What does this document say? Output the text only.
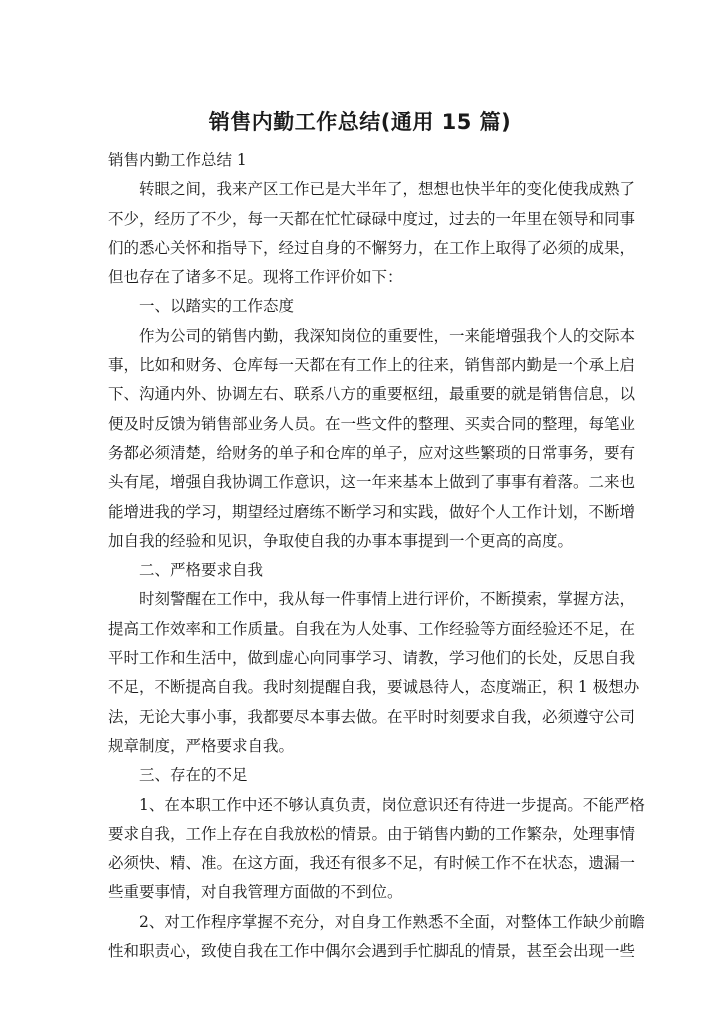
销售内勤工作总结(通用 15 篇)
销售内勤工作总结 1
转眼之间，我来产区工作已是大半年了，想想也快半年的变化使我成熟了
不少，经历了不少，每一天都在忙忙碌碌中度过，过去的一年里在领导和同事
们的悉心关怀和指导下，经过自身的不懈努力，在工作上取得了必须的成果，
但也存在了诸多不足。现将工作评价如下：
一、以踏实的工作态度
作为公司的销售内勤，我深知岗位的重要性，一来能增强我个人的交际本
事，比如和财务、仓库每一天都在有工作上的往来，销售部内勤是一个承上启
下、沟通内外、协调左右、联系八方的重要枢纽，最重要的就是销售信息，以
便及时反馈为销售部业务人员。在一些文件的整理、买卖合同的整理，每笔业
务都必须清楚，给财务的单子和仓库的单子，应对这些繁琐的日常事务，要有
头有尾，增强自我协调工作意识，这一年来基本上做到了事事有着落。二来也
能增进我的学习，期望经过磨练不断学习和实践，做好个人工作计划，不断增
加自我的经验和见识，争取使自我的办事本事提到一个更高的高度。
二、严格要求自我
时刻警醒在工作中，我从每一件事情上进行评价，不断摸索，掌握方法，
提高工作效率和工作质量。自我在为人处事、工作经验等方面经验还不足，在
平时工作和生活中，做到虚心向同事学习、请教，学习他们的长处，反思自我
不足，不断提高自我。我时刻提醒自我，要诚恳待人，态度端正，积 1 极想办
法，无论大事小事，我都要尽本事去做。在平时时刻要求自我，必须遵守公司
规章制度，严格要求自我。
三、存在的不足
1、在本职工作中还不够认真负责，岗位意识还有待进一步提高。不能严格
要求自我，工作上存在自我放松的情景。由于销售内勤的工作繁杂，处理事情
必须快、精、准。在这方面，我还有很多不足，有时候工作不在状态，遗漏一
些重要事情，对自我管理方面做的不到位。
2、对工作程序掌握不充分，对自身工作熟悉不全面，对整体工作缺少前瞻
性和职责心，致使自我在工作中偶尔会遇到手忙脚乱的情景，甚至会出现一些
